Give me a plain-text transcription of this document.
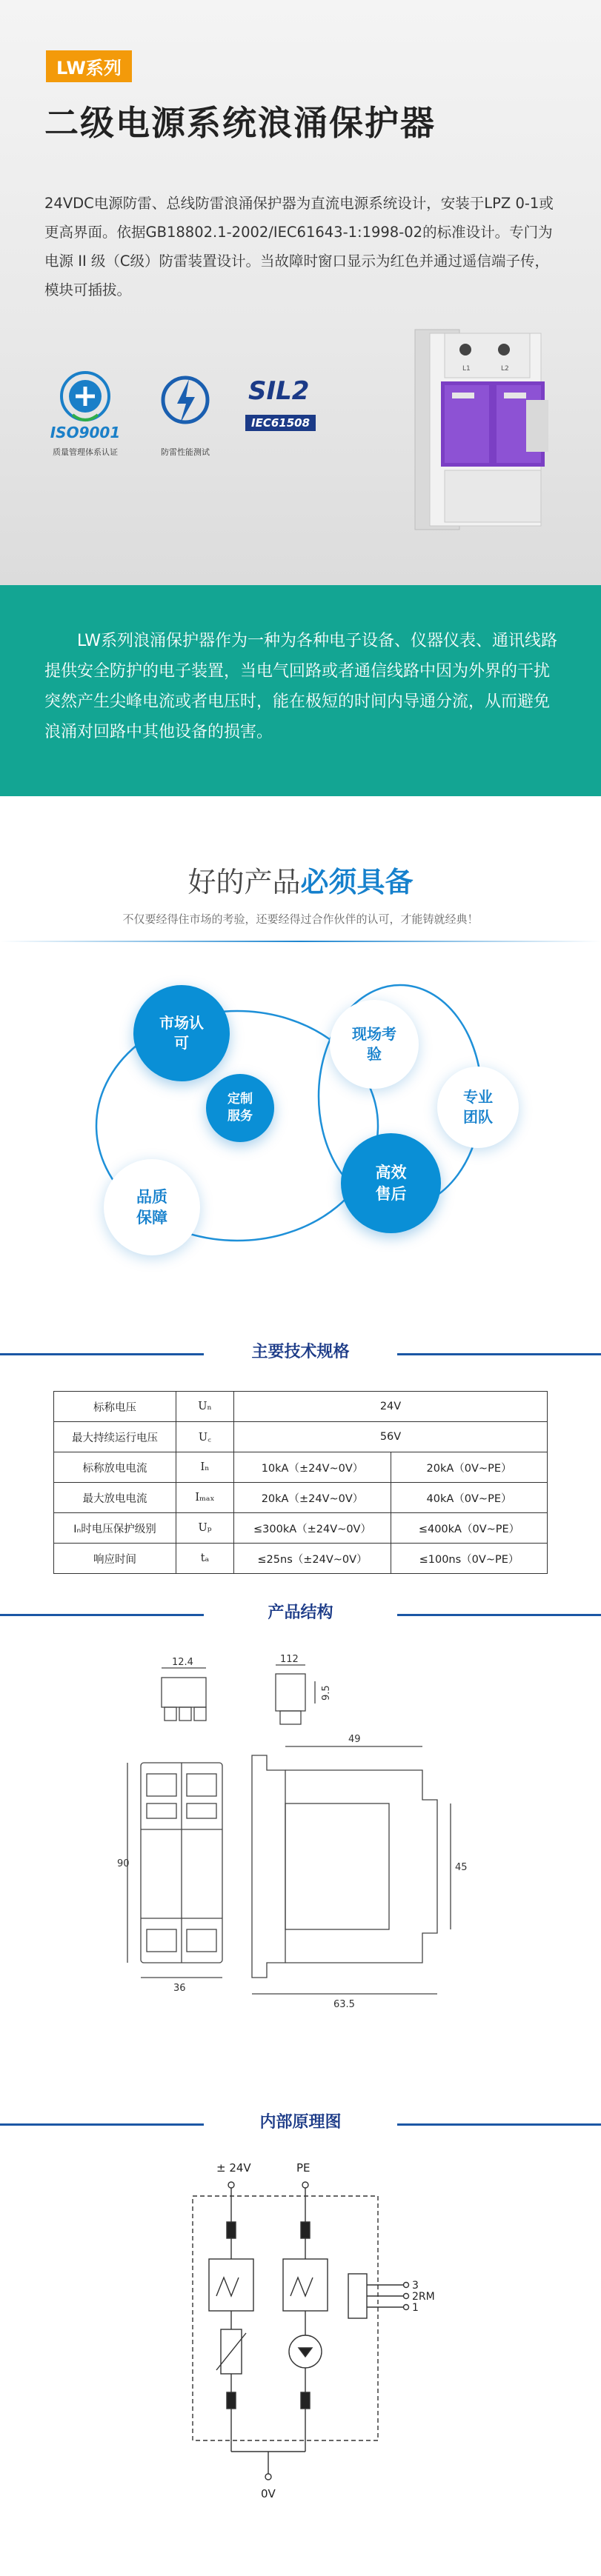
LW系列
二级电源系统浪涌保护器
24VDC电源防雷、总线防雷浪涌保护器为直流电源系统设计，安装于LPZ 0-1或更高界面。依据GB18802.1-2002/IEC61643-1:1998-02的标准设计。专门为电源 II 级（C级）防雷装置设计。当故障时窗口显示为红色并通过遥信端子传，模块可插拔。
ISO9001
质量管理体系认证	防雷性能测试
SIL2
IEC61508
L1	L2
LW系列浪涌保护器作为一种为各种电子设备、仪器仪表、通讯线路提供安全防护的电子装置，当电气回路或者通信线路中因为外界的干扰突然产生尖峰电流或者电压时，能在极短的时间内导通分流，从而避免浪涌对回路中其他设备的损害。
好的产品必须具备
不仅要经得住市场的考验，还要经得过合作伙伴的认可，才能铸就经典！
市场认可	现场考验
专业团队
定制服务
高效售后
品质保障
主要技术规格
标称电压	Uₙ	24V	
最大持续运行电压	U꜀	56V	
标称放电电流	Iₙ	10kA（±24V~0V）	20kA（0V~PE）
最大放电电流	Iₘₐₓ	20kA（±24V~0V）	40kA（0V~PE）
Iₙ时电压保护级别	Uₚ	≤300kA（±24V~0V）	≤400kA（0V~PE）
响应时间	tₐ	≤25ns（±24V~0V）	≤100ns（0V~PE）
产品结构
12.4	112
9.5
90
36
49
45
63.5
内部原理图
± 24V	PE
0V
3
2RM
1
